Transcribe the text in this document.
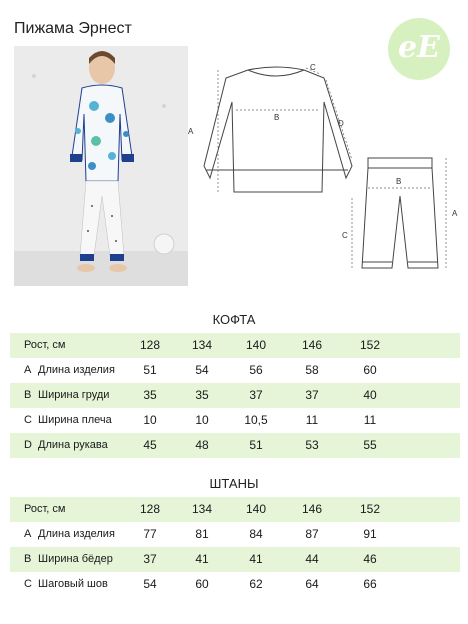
Пижама Эрнест
eE
A
B
C
D
A
B
C
КОФТА
Рост, см	128	134	140	146	152
A Длина изделия	51	54	56	58	60
B Ширина груди	35	35	37	37	40
C Ширина плеча	10	10	10,5	11	11
D Длина рукава	45	48	51	53	55
ШТАНЫ
Рост, см	128	134	140	146	152
A Длина изделия	77	81	84	87	91
B Ширина бёдер	37	41	41	44	46
C Шаговый шов	54	60	62	64	66
